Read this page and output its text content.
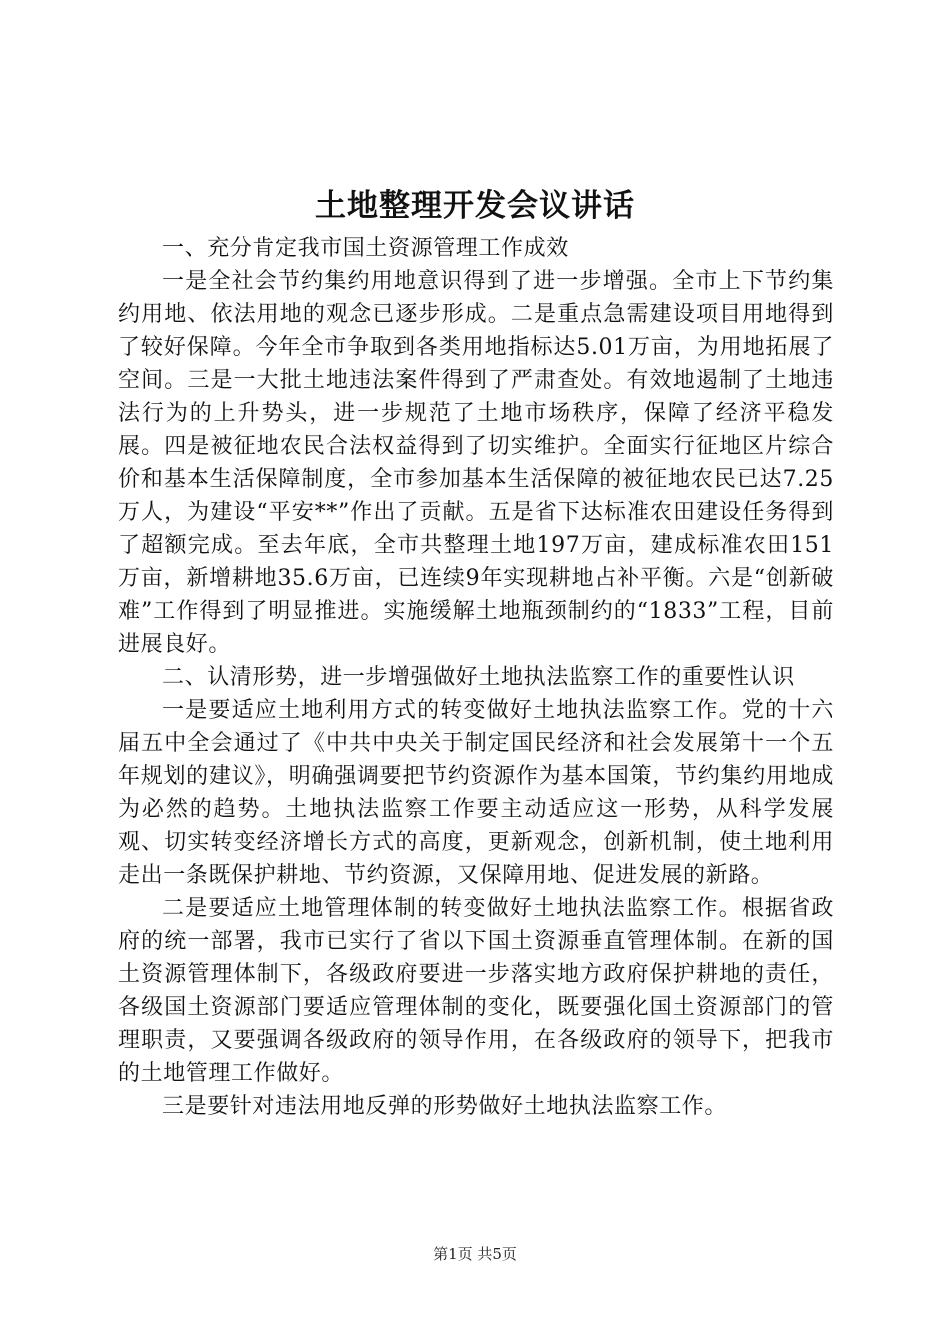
土地整理开发会议讲话

一、充分肯定我市国土资源管理工作成效

一是全社会节约集约用地意识得到了进一步增强。全市上下节约集约用地、依法用地的观念已逐步形成。二是重点急需建设项目用地得到了较好保障。今年全市争取到各类用地指标达5.01万亩，为用地拓展了空间。三是一大批土地违法案件得到了严肃查处。有效地遏制了土地违法行为的上升势头，进一步规范了土地市场秩序，保障了经济平稳发展。四是被征地农民合法权益得到了切实维护。全面实行征地区片综合价和基本生活保障制度，全市参加基本生活保障的被征地农民已达7.25万人，为建设“平安**”作出了贡献。五是省下达标准农田建设任务得到了超额完成。至去年底，全市共整理土地197万亩，建成标准农田151万亩，新增耕地35.6万亩，已连续9年实现耕地占补平衡。六是“创新破难”工作得到了明显推进。实施缓解土地瓶颈制约的“1833”工程，目前进展良好。

二、认清形势，进一步增强做好土地执法监察工作的重要性认识

一是要适应土地利用方式的转变做好土地执法监察工作。党的十六届五中全会通过了《中共中央关于制定国民经济和社会发展第十一个五年规划的建议》，明确强调要把节约资源作为基本国策，节约集约用地成为必然的趋势。土地执法监察工作要主动适应这一形势，从科学发展观、切实转变经济增长方式的高度，更新观念，创新机制，使土地利用走出一条既保护耕地、节约资源，又保障用地、促进发展的新路。

二是要适应土地管理体制的转变做好土地执法监察工作。根据省政府的统一部署，我市已实行了省以下国土资源垂直管理体制。在新的国土资源管理体制下，各级政府要进一步落实地方政府保护耕地的责任，各级国土资源部门要适应管理体制的变化，既要强化国土资源部门的管理职责，又要强调各级政府的领导作用，在各级政府的领导下，把我市的土地管理工作做好。

三是要针对违法用地反弹的形势做好土地执法监察工作。

第1页 共5页
